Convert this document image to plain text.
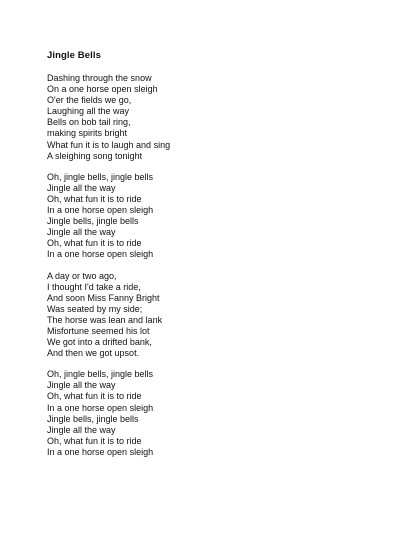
Jingle Bells
Dashing through the snow
On a one horse open sleigh
O'er the fields we go,
Laughing all the way
Bells on bob tail ring,
making spirits bright
What fun it is to laugh and sing
A sleighing song tonight
Oh, jingle bells, jingle bells
Jingle all the way
Oh, what fun it is to ride
In a one horse open sleigh
Jingle bells, jingle bells
Jingle all the way
Oh, what fun it is to ride
In a one horse open sleigh
A day or two ago,
I thought I'd take a ride,
And soon Miss Fanny Bright
Was seated by my side;
The horse was lean and lank
Misfortune seemed his lot
We got into a drifted bank,
And then we got upsot.
Oh, jingle bells, jingle bells
Jingle all the way
Oh, what fun it is to ride
In a one horse open sleigh
Jingle bells, jingle bells
Jingle all the way
Oh, what fun it is to ride
In a one horse open sleigh
